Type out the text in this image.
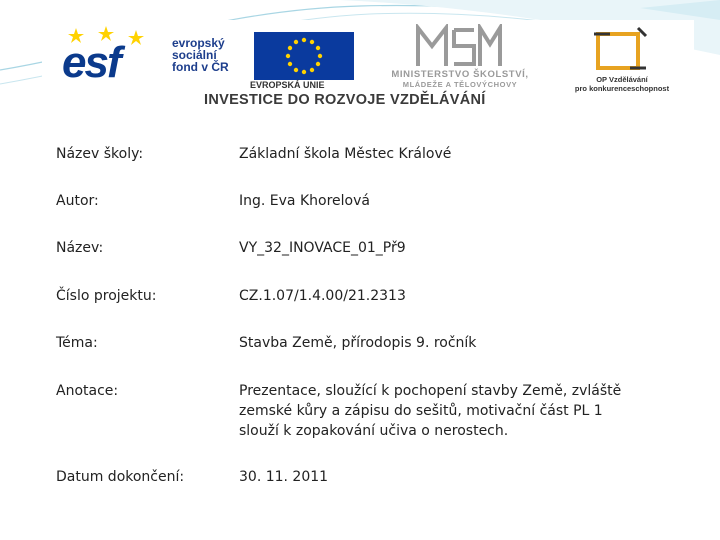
esf	evropský
sociální
fond v ČR
EVROPSKÁ UNIE
MINISTERSTVO ŠKOLSTVÍ,
MLÁDEŽE A TĚLOVÝCHOVY
OP Vzdělávání
pro konkurenceschopnost
INVESTICE DO ROZVOJE VZDĚLÁVÁNÍ
Název školy:	Základní škola Městec Králové
Autor:	Ing. Eva Khorelová
Název:	VY_32_INOVACE_01_Př9
Číslo projektu:	CZ.1.07/1.4.00/21.2313
Téma:	Stavba Země, přírodopis 9. ročník
Anotace:	Prezentace, sloužící k pochopení stavby Země, zvláště
zemské kůry a zápisu do sešitů, motivační část PL 1
slouží k zopakování učiva o nerostech.
Datum dokončení:	30. 11. 2011
